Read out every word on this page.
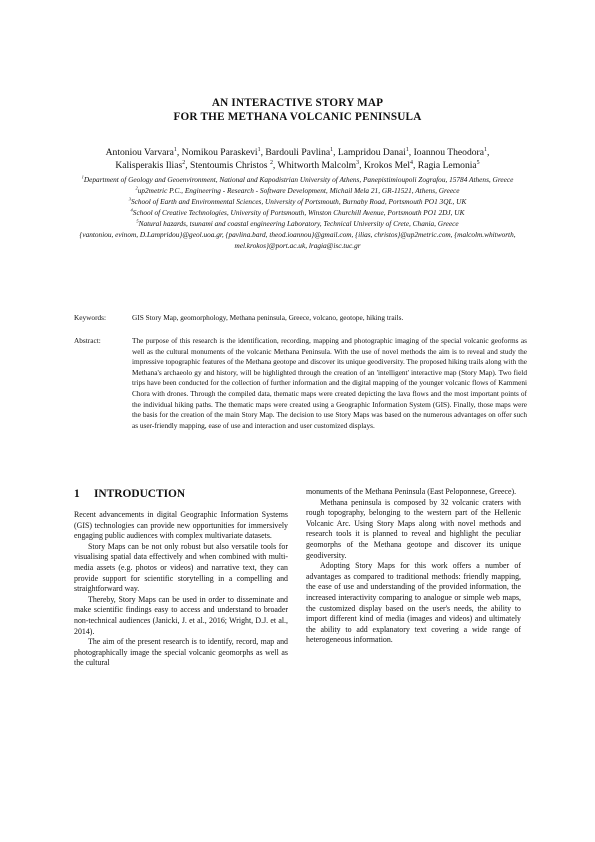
AN INTERACTIVE STORY MAP
FOR THE METHANA VOLCANIC PENINSULA
Antoniou Varvara$^1$, Nomikou Paraskevi$^1$, Bardouli Pavlina$^1$, Lampridou Danai$^1$, Ioannou Theodora$^1$,
Kalisperakis Ilias$^2$, Stentoumis Christos $^2$, Whitworth Malcolm$^3$, Krokos Mel$^4$, Ragia Lemonia$^5$
$^1$Department of Geology and Geoenvironment, National and Kapodistrian University of Athens, Panepistimioupoli Zografou, 15784 Athens, Greece
$^2$up2metric P.C., Engineering - Research - Software Development, Michail Mela 21, GR-11521, Athens, Greece
$^3$School of Earth and Environmental Sciences, University of Portsmouth, Burnaby Road, Portsmouth PO1 3QL, UK
$^4$School of Creative Technologies, University of Portsmouth, Winston Churchill Avenue, Portsmouth PO1 2DJ, UK
$^5$Natural hazards, tsunami and coastal engineering Laboratory, Technical University of Crete, Chania, Greece
{vantoniou, evinom, D.Lampridou}@geol.uoa.gr, {pavlina.bard, theod.ioannou}@gmail.com, {ilias, christos}@up2metric.com, {malcolm.whitworth, mel.krokos}@port.ac.uk, lragia@isc.tuc.gr
Keywords:	GIS Story Map, geomorphology, Methana peninsula, Greece, volcano, geotope, hiking trails.
Abstract:	The purpose of this research is the identification, recording, mapping and photographic imaging of the special volcanic geoforms as well as the cultural monuments of the volcanic Methana Peninsula. With the use of novel methods the aim is to reveal and study the impressive topographic features of the Methana geotope and discover its unique geodiversity. The proposed hiking trails along with the Methana's archaeolo gy and history, will be highlighted through the creation of an 'intelligent' interactive map (Story Map). Two field trips have been conducted for the collection of further information and the digital mapping of the younger volcanic flows of Kammeni Chora with drones. Through the compiled data, thematic maps were created depicting the lava flows and the most important points of the individual hiking paths. The thematic maps were created using a Geographic Information System (GIS). Finally, those maps were the basis for the creation of the main Story Map. The decision to use Story Maps was based on the numerous advantages on offer such as user-friendly mapping, ease of use and interaction and user customized displays.
1 INTRODUCTION

Recent advancements in digital Geographic Information Systems (GIS) technologies can provide new opportunities for immersively engaging public audiences with complex multivariate datasets.

Story Maps can be not only robust but also versatile tools for visualising spatial data effectively and when combined with multi-media assets (e.g. photos or videos) and narrative text, they can provide support for scientific storytelling in a compelling and straightforward way.

Thereby, Story Maps can be used in order to disseminate and make scientific findings easy to access and understand to broader non-technical audiences (Janicki, J. et al., 2016; Wright, D.J. et al., 2014).

The aim of the present research is to identify, record, map and photographically image the special volcanic geomorphs as well as the cultural

monuments of the Methana Peninsula (East Peloponnese, Greece).

Methana peninsula is composed by 32 volcanic craters with rough topography, belonging to the western part of the Hellenic Volcanic Arc. Using Story Maps along with novel methods and research tools it is planned to reveal and highlight the peculiar geomorphs of the Methana geotope and discover its unique geodiversity.

Adopting Story Maps for this work offers a number of advantages as compared to traditional methods: friendly mapping, the ease of use and understanding of the provided information, the increased interactivity comparing to analogue or simple web maps, the customized display based on the user's needs, the ability to import different kind of media (images and videos) and ultimately the ability to add explanatory text covering a wide range of heterogeneous information.
